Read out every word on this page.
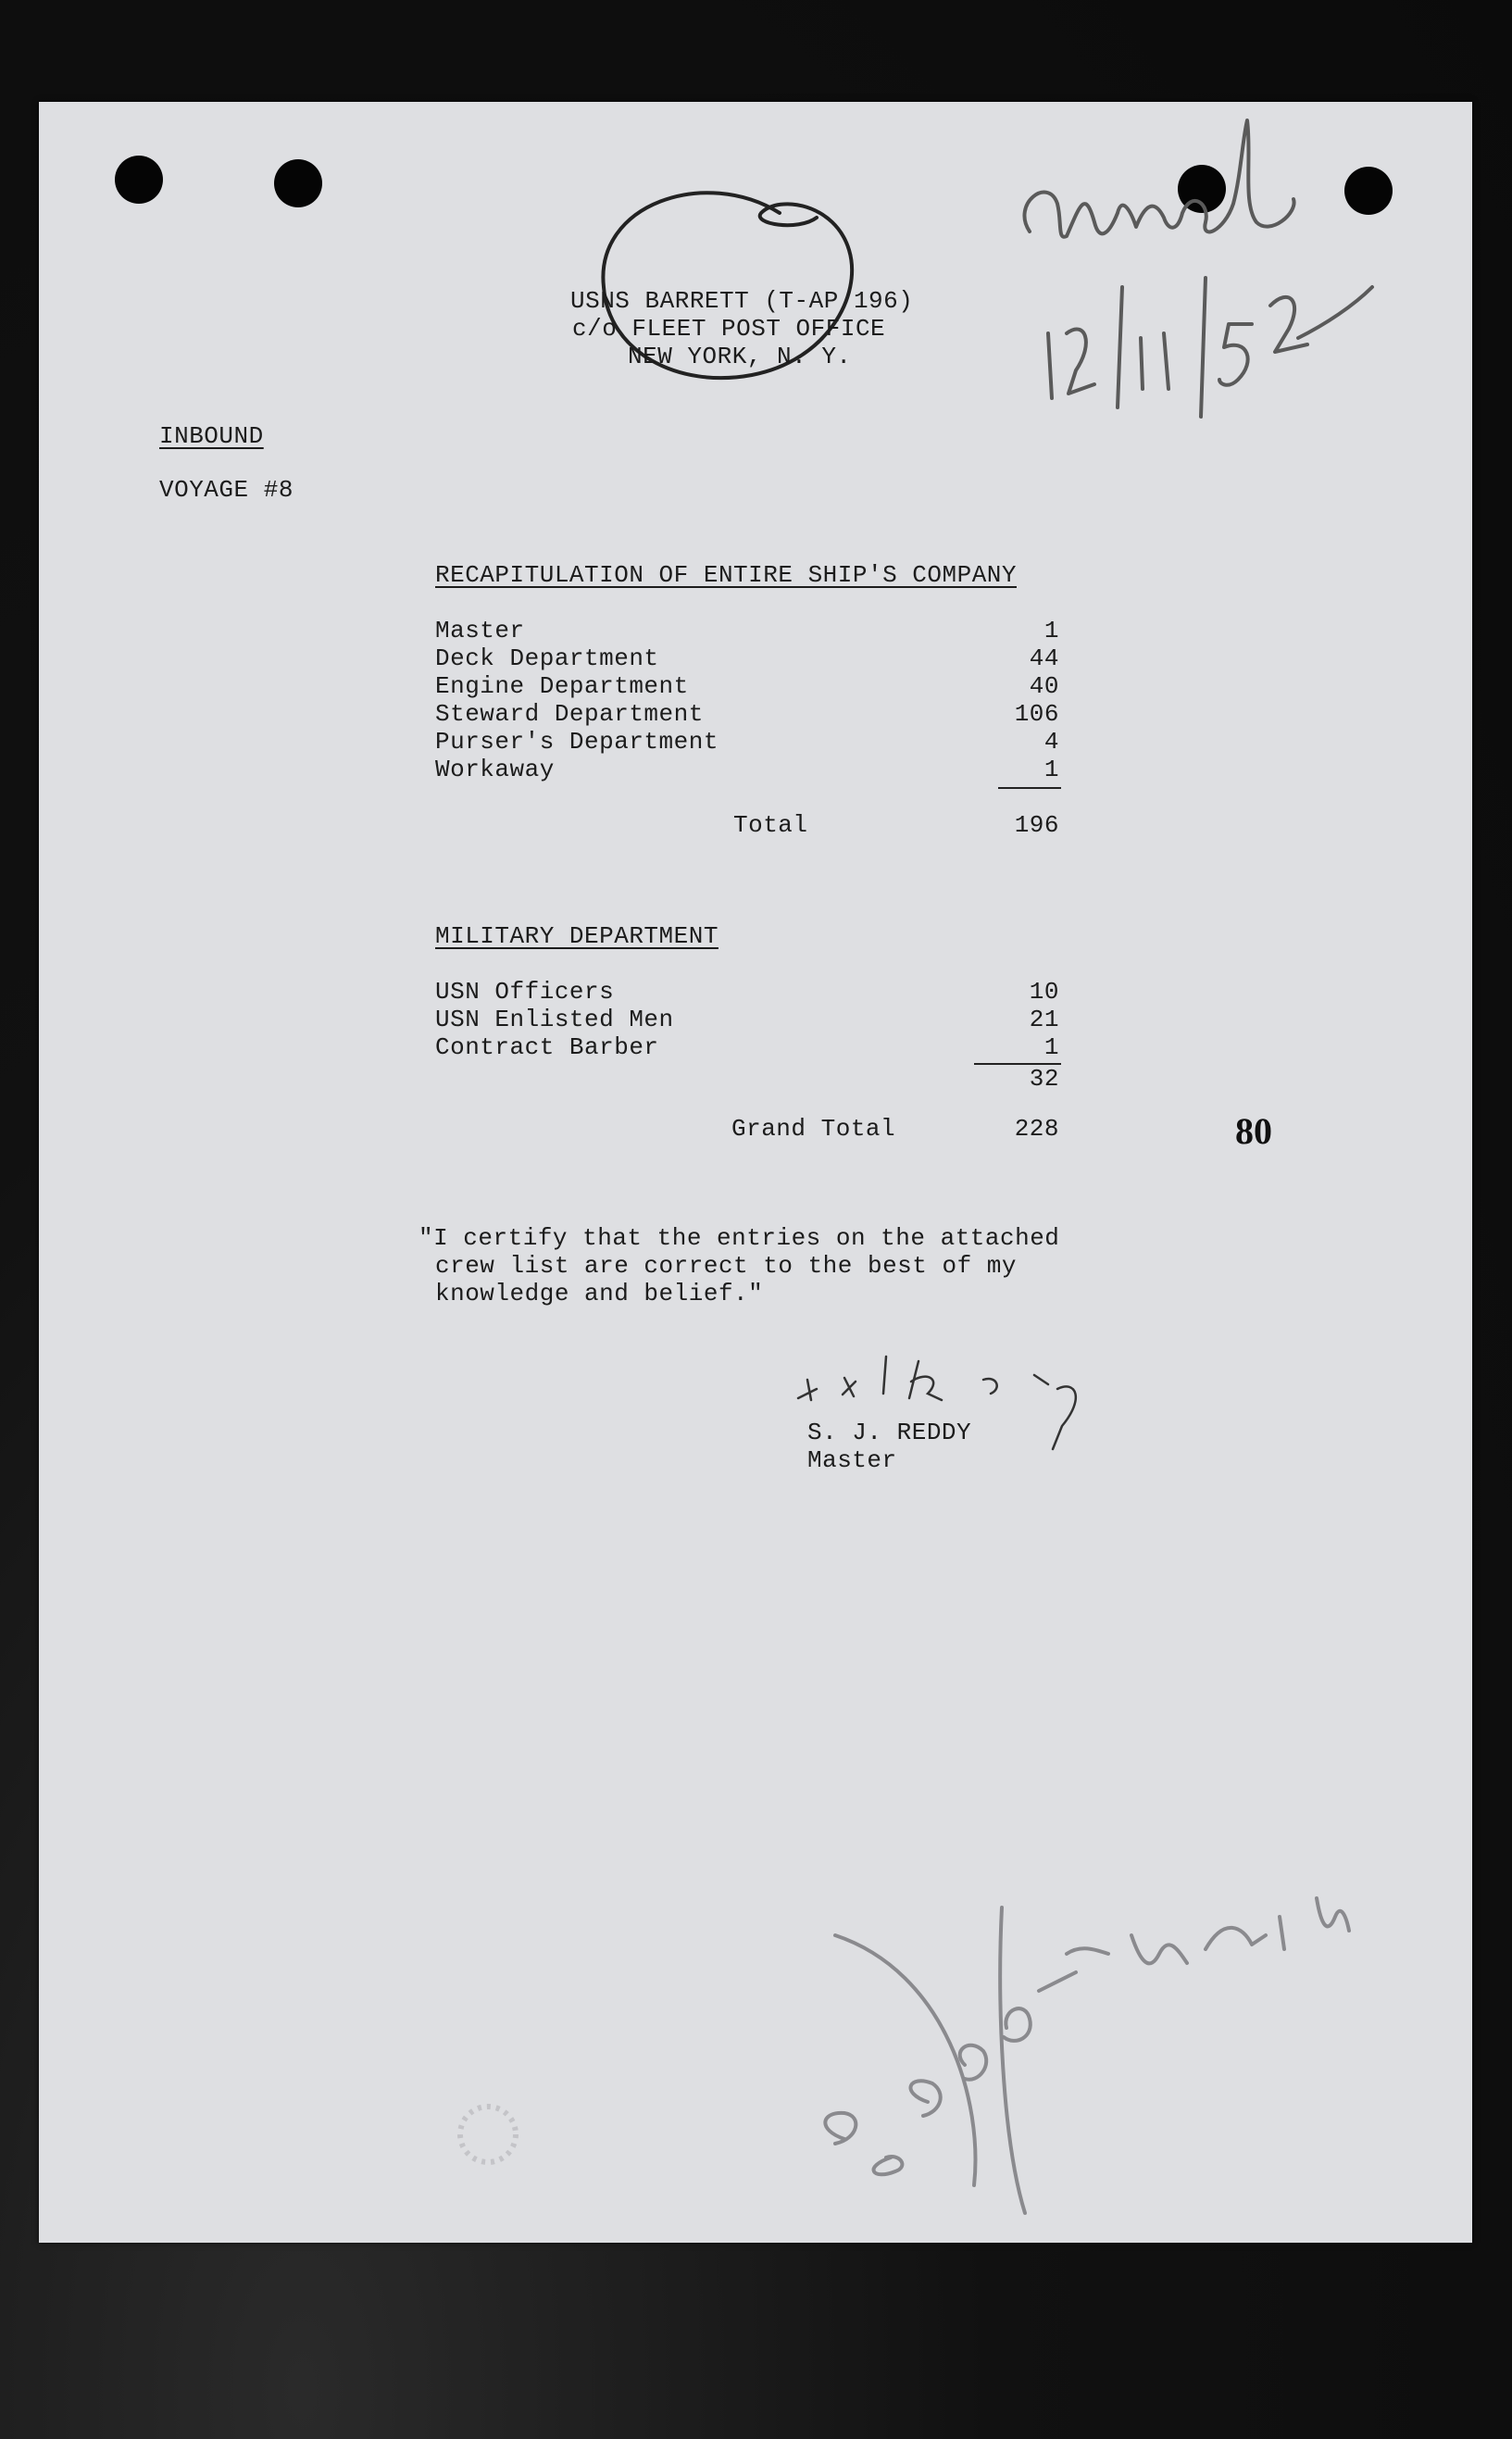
USNS BARRETT (T-AP 196)
c/o FLEET POST OFFICE
NEW YORK, N. Y.
INBOUND
VOYAGE #8
RECAPITULATION OF ENTIRE SHIP'S COMPANY
Master	1
Deck Department	44
Engine Department	40
Steward Department	106
Purser's Department	4
Workaway	1
Total	196
MILITARY DEPARTMENT
USN Officers	10
USN Enlisted Men	21
Contract Barber	1
32
Grand Total	228	80
"I certify that the entries on the attached
crew list are correct to the best of my
knowledge and belief."
S. J. REDDY
Master
